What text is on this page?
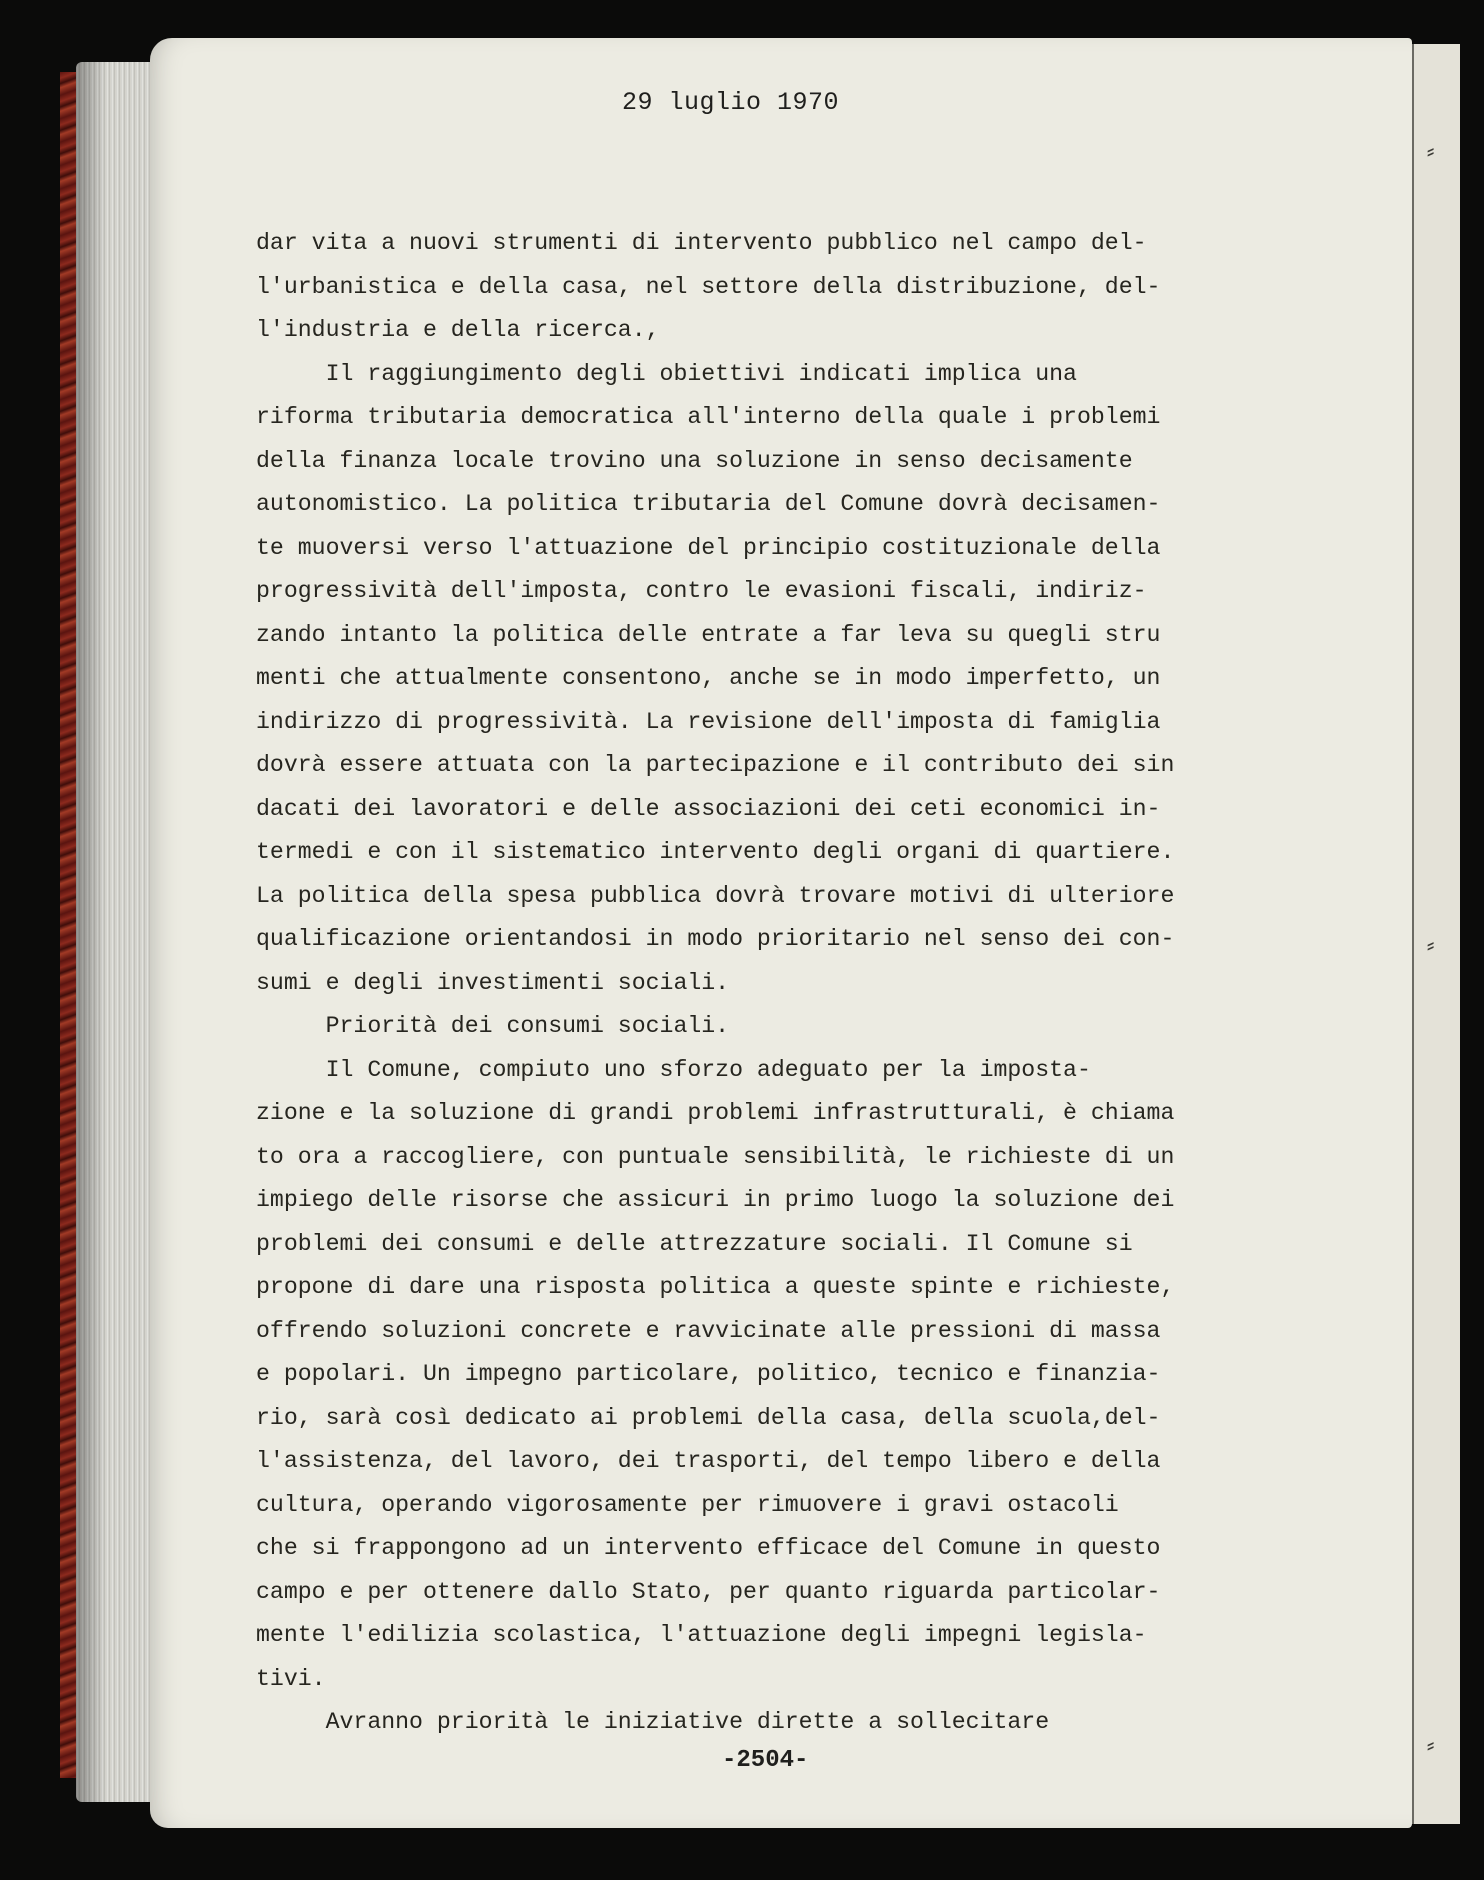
⸗
⸗
⸗
29 luglio 1970
dar vita a nuovi strumenti di intervento pubblico nel campo del-
l'urbanistica e della casa, nel settore della distribuzione, del-
l'industria e della ricerca.,
Il raggiungimento degli obiettivi indicati implica una
riforma tributaria democratica all'interno della quale i problemi
della finanza locale trovino una soluzione in senso decisamente
autonomistico. La politica tributaria del Comune dovrà decisamen-
te muoversi verso l'attuazione del principio costituzionale della
progressività dell'imposta, contro le evasioni fiscali, indiriz-
zando intanto la politica delle entrate a far leva su quegli stru
menti che attualmente consentono, anche se in modo imperfetto, un
indirizzo di progressività. La revisione dell'imposta di famiglia
dovrà essere attuata con la partecipazione e il contributo dei sin
dacati dei lavoratori e delle associazioni dei ceti economici in-
termedi e con il sistematico intervento degli organi di quartiere.
La politica della spesa pubblica dovrà trovare motivi di ulteriore
qualificazione orientandosi in modo prioritario nel senso dei con-
sumi e degli investimenti sociali.
Priorità dei consumi sociali.
Il Comune, compiuto uno sforzo adeguato per la imposta-
zione e la soluzione di grandi problemi infrastrutturali, è chiama
to ora a raccogliere, con puntuale sensibilità, le richieste di un
impiego delle risorse che assicuri in primo luogo la soluzione dei
problemi dei consumi e delle attrezzature sociali. Il Comune si
propone di dare una risposta politica a queste spinte e richieste,
offrendo soluzioni concrete e ravvicinate alle pressioni di massa
e popolari. Un impegno particolare, politico, tecnico e finanzia-
rio, sarà così dedicato ai problemi della casa, della scuola,del-
l'assistenza, del lavoro, dei trasporti, del tempo libero e della
cultura, operando vigorosamente per rimuovere i gravi ostacoli
che si frappongono ad un intervento efficace del Comune in questo
campo e per ottenere dallo Stato, per quanto riguarda particolar-
mente l'edilizia scolastica, l'attuazione degli impegni legisla-
tivi.
Avranno priorità le iniziative dirette a sollecitare
-2504-
